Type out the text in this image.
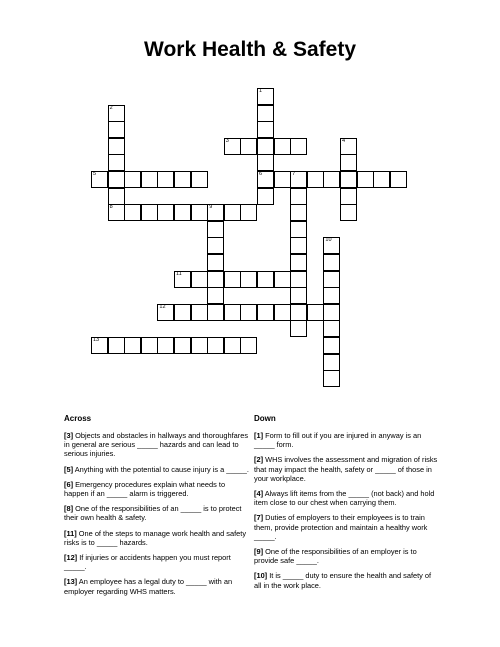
Work Health & Safety
1
6
2
8
3	4
5	7
9
10
11
12
13
Across	Down
[3] Objects and obstacles in hallways and thoroughfares in general are serious _____ hazards and can lead to serious injuries.
[5] Anything with the potential to cause injury is a _____.
[6] Emergency procedures explain what needs to happen if an _____ alarm is triggered.
[8] One of the responsibilities of an _____ is to protect their own health & safety.
[11] One of the steps to manage work health and safety risks is to _____ hazards.
[12] If injuries or accidents happen you must report _____.
[13] An employee has a legal duty to _____ with an employer regarding WHS matters.
[1] Form to fill out if you are injured in anyway is an _____ form.
[2] WHS involves the assessment and migration of risks that may impact the health, safety or _____ of those in your workplace.
[4] Always lift items from the _____ (not back) and hold item close to our chest when carrying them.
[7] Duties of employers to their employees is to train them, provide protection and maintain a healthy work _____.
[9] One of the responsibilities of an employer is to provide safe _____.
[10] It is _____ duty to ensure the health and safety of all in the work place.
